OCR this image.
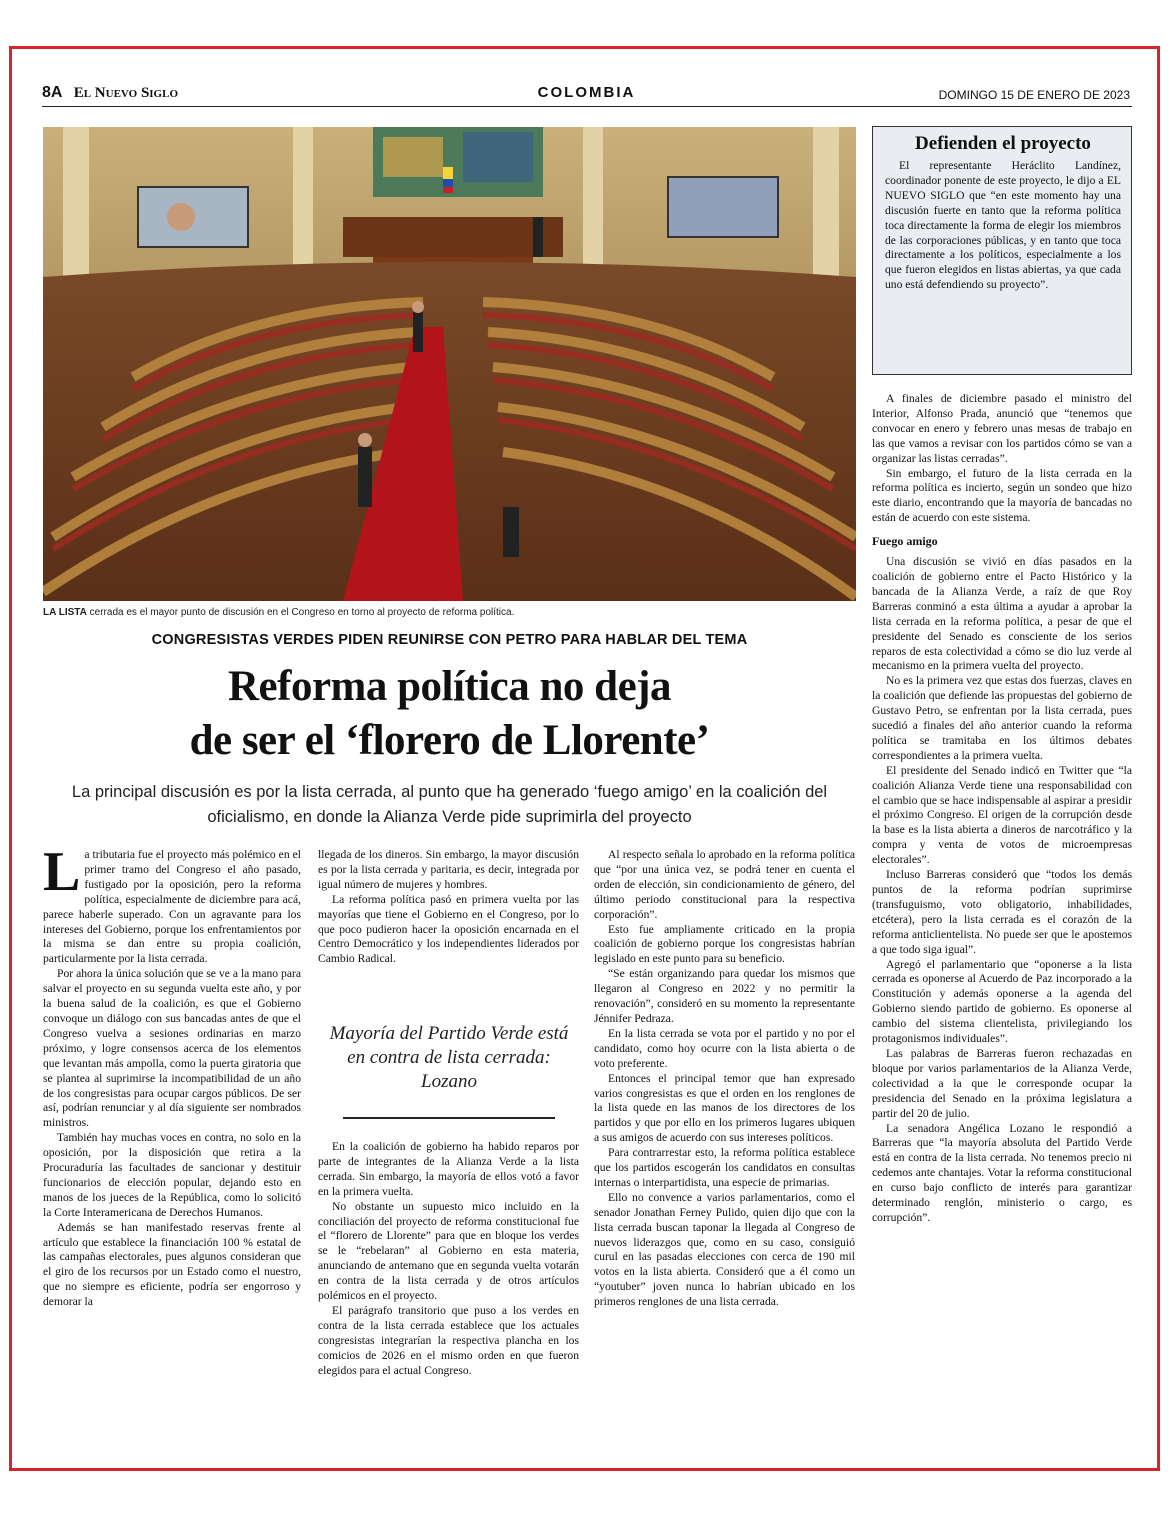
8A El Nuevo Siglo	COLOMBIA	DOMINGO 15 DE ENERO DE 2023
LA LISTA cerrada es el mayor punto de discusión en el Congreso en torno al proyecto de reforma política.
CONGRESISTAS VERDES PIDEN REUNIRSE CON PETRO PARA HABLAR DEL TEMA
Reforma política no deja
de ser el ‘florero de Llorente’
La principal discusión es por la lista cerrada, al punto que ha generado ‘fuego amigo’ en la coalición del oficialismo, en donde la Alianza Verde pide suprimirla del proyecto

La tributaria fue el proyecto más polémico en el primer tramo del Congreso el año pasado, fustigado por la oposición, pero la reforma política, especialmente de diciembre para acá, parece haberle superado. Con un agravante para los intereses del Gobierno, porque los enfrentamientos por la misma se dan entre su propia coalición, particularmente por la lista cerrada.

Por ahora la única solución que se ve a la mano para salvar el proyecto en su segunda vuelta este año, y por la buena salud de la coalición, es que el Gobierno convoque un diálogo con sus bancadas antes de que el Congreso vuelva a sesiones ordinarias en marzo próximo, y logre consensos acerca de los elementos que levantan más ampolla, como la puerta giratoria que se plantea al suprimirse la incompatibilidad de un año de los congresistas para ocupar cargos públicos. De ser así, podrían renunciar y al día siguiente ser nombrados ministros.

También hay muchas voces en contra, no solo en la oposición, por la disposición que retira a la Procuraduría las facultades de sancionar y destituir funcionarios de elección popular, dejando esto en manos de los jueces de la República, como lo solicitó la Corte Interamericana de Derechos Humanos.

Además se han manifestado reservas frente al artículo que establece la financiación 100 % estatal de las campañas electorales, pues algunos consideran que el giro de los recursos por un Estado como el nuestro, que no siempre es eficiente, podría ser engorroso y demorar la

llegada de los dineros. Sin embargo, la mayor discusión es por la lista cerrada y paritaria, es decir, integrada por igual número de mujeres y hombres.

La reforma política pasó en primera vuelta por las mayorías que tiene el Gobierno en el Congreso, por lo que poco pudieron hacer la oposición encarnada en el Centro Democrático y los independientes liderados por Cambio Radical.

Mayoría del Partido Verde está en contra de lista cerrada: Lozano

En la coalición de gobierno ha habido reparos por parte de integrantes de la Alianza Verde a la lista cerrada. Sin embargo, la mayoría de ellos votó a favor en la primera vuelta.

No obstante un supuesto mico incluido en la conciliación del proyecto de reforma constitucional fue el “florero de Llorente” para que en bloque los verdes se le “rebelaran” al Gobierno en esta materia, anunciando de antemano que en segunda vuelta votarán en contra de la lista cerrada y de otros artículos polémicos en el proyecto.

El parágrafo transitorio que puso a los verdes en contra de la lista cerrada establece que los actuales congresistas integrarían la respectiva plancha en los comicios de 2026 en el mismo orden en que fueron elegidos para el actual Congreso.

Al respecto señala lo aprobado en la reforma política que “por una única vez, se podrá tener en cuenta el orden de elección, sin condicionamiento de género, del último periodo constitucional para la respectiva corporación”.

Esto fue ampliamente criticado en la propia coalición de gobierno porque los congresistas habrían legislado en este punto para su beneficio.

“Se están organizando para quedar los mismos que llegaron al Congreso en 2022 y no permitir la renovación”, consideró en su momento la representante Jénnifer Pedraza.

En la lista cerrada se vota por el partido y no por el candidato, como hoy ocurre con la lista abierta o de voto preferente.

Entonces el principal temor que han expresado varios congresistas es que el orden en los renglones de la lista quede en las manos de los directores de los partidos y que por ello en los primeros lugares ubiquen a sus amigos de acuerdo con sus intereses políticos.

Para contrarrestar esto, la reforma política establece que los partidos escogerán los candidatos en consultas internas o interpartidista, una especie de primarias.

Ello no convence a varios parlamentarios, como el senador Jonathan Ferney Pulido, quien dijo que con la lista cerrada buscan taponar la llegada al Congreso de nuevos liderazgos que, como en su caso, consiguió curul en las pasadas elecciones con cerca de 190 mil votos en la lista abierta. Consideró que a él como un “youtuber” joven nunca lo habrían ubicado en los primeros renglones de una lista cerrada.

Defienden el proyecto

El representante Heráclito Landínez, coordinador ponente de este proyecto, le dijo a EL NUEVO SIGLO que “en este momento hay una discusión fuerte en tanto que la reforma política toca directamente la forma de elegir los miembros de las corporaciones públicas, y en tanto que toca directamente a los políticos, especialmente a los que fueron elegidos en listas abiertas, ya que cada uno está defendiendo su proyecto”.

A finales de diciembre pasado el ministro del Interior, Alfonso Prada, anunció que “tenemos que convocar en enero y febrero unas mesas de trabajo en las que vamos a revisar con los partidos cómo se van a organizar las listas cerradas”.

Sin embargo, el futuro de la lista cerrada en la reforma política es incierto, según un sondeo que hizo este diario, encontrando que la mayoría de bancadas no están de acuerdo con este sistema.

Fuego amigo

Una discusión se vivió en días pasados en la coalición de gobierno entre el Pacto Histórico y la bancada de la Alianza Verde, a raíz de que Roy Barreras conminó a esta última a ayudar a aprobar la lista cerrada en la reforma política, a pesar de que el presidente del Senado es consciente de los serios reparos de esta colectividad a cómo se dio luz verde al mecanismo en la primera vuelta del proyecto.

No es la primera vez que estas dos fuerzas, claves en la coalición que defiende las propuestas del gobierno de Gustavo Petro, se enfrentan por la lista cerrada, pues sucedió a finales del año anterior cuando la reforma política se tramitaba en los últimos debates correspondientes a la primera vuelta.

El presidente del Senado indicó en Twitter que “la coalición Alianza Verde tiene una responsabilidad con el cambio que se hace indispensable al aspirar a presidir el próximo Congreso. El origen de la corrupción desde la base es la lista abierta a dineros de narcotráfico y la compra y venta de votos de microempresas electorales”.

Incluso Barreras consideró que “todos los demás puntos de la reforma podrían suprimirse (transfuguismo, voto obligatorio, inhabilidades, etcétera), pero la lista cerrada es el corazón de la reforma anticlientelista. No puede ser que le apostemos a que todo siga igual”.

Agregó el parlamentario que “oponerse a la lista cerrada es oponerse al Acuerdo de Paz incorporado a la Constitución y además oponerse a la agenda del Gobierno siendo partido de gobierno. Es oponerse al cambio del sistema clientelista, privilegiando los protagonismos individuales”.

Las palabras de Barreras fueron rechazadas en bloque por varios parlamentarios de la Alianza Verde, colectividad a la que le corresponde ocupar la presidencia del Senado en la próxima legislatura a partir del 20 de julio.

La senadora Angélica Lozano le respondió a Barreras que “la mayoría absoluta del Partido Verde está en contra de la lista cerrada. No tenemos precio ni cedemos ante chantajes. Votar la reforma constitucional en curso bajo conflicto de interés para garantizar determinado renglón, ministerio o cargo, es corrupción”.
